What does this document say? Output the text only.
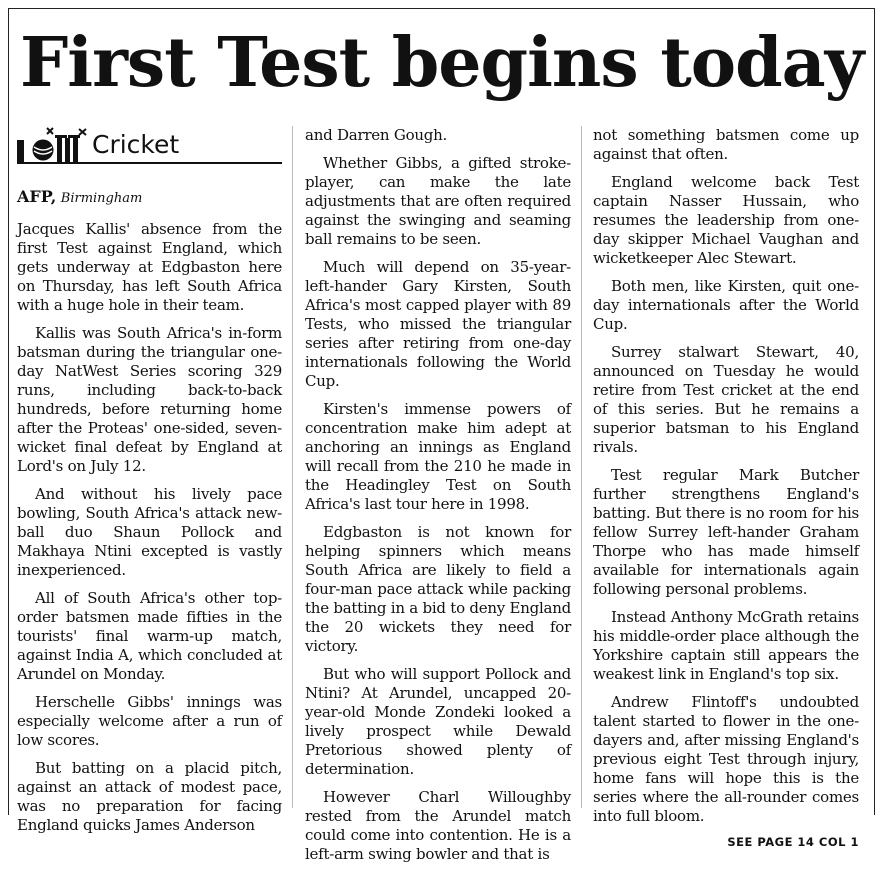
First Test begins today
Cricket
AFP, Birmingham

Jacques Kallis' absence from the first Test against England, which gets underway at Edgbaston here on Thursday, has left South Africa with a huge hole in their team.

Kallis was South Africa's in-form batsman during the triangular one-day NatWest Series scoring 329 runs, including back-to-back hundreds, before returning home after the Proteas' one-sided, seven-wicket final defeat by England at Lord's on July 12.

And without his lively pace bowling, South Africa's attack new-ball duo Shaun Pollock and Makhaya Ntini excepted is vastly inexperienced.

All of South Africa's other top-order batsmen made fifties in the tourists' final warm-up match, against India A, which concluded at Arundel on Monday.

Herschelle Gibbs' innings was especially welcome after a run of low scores.

But batting on a placid pitch, against an attack of modest pace, was no preparation for facing England quicks James Anderson

and Darren Gough.

Whether Gibbs, a gifted stroke-player, can make the late adjustments that are often required against the swinging and seaming ball remains to be seen.

Much will depend on 35-year-left-hander Gary Kirsten, South Africa's most capped player with 89 Tests, who missed the triangular series after retiring from one-day internationals following the World Cup.

Kirsten's immense powers of concentration make him adept at anchoring an innings as England will recall from the 210 he made in the Headingley Test on South Africa's last tour here in 1998.

Edgbaston is not known for helping spinners which means South Africa are likely to field a four-man pace attack while packing the batting in a bid to deny England the 20 wickets they need for victory.

But who will support Pollock and Ntini? At Arundel, uncapped 20-year-old Monde Zondeki looked a lively prospect while Dewald Pretorious showed plenty of determination.

However Charl Willoughby rested from the Arundel match could come into contention. He is a left-arm swing bowler and that is

not something batsmen come up against that often.

England welcome back Test captain Nasser Hussain, who resumes the leadership from one-day skipper Michael Vaughan and wicketkeeper Alec Stewart.

Both men, like Kirsten, quit one-day internationals after the World Cup.

Surrey stalwart Stewart, 40, announced on Tuesday he would retire from Test cricket at the end of this series. But he remains a superior batsman to his England rivals.

Test regular Mark Butcher further strengthens England's batting. But there is no room for his fellow Surrey left-hander Graham Thorpe who has made himself available for internationals again following personal problems.

Instead Anthony McGrath retains his middle-order place although the Yorkshire captain still appears the weakest link in England's top six.

Andrew Flintoff's undoubted talent started to flower in the one-dayers and, after missing England's previous eight Test through injury, home fans will hope this is the series where the all-rounder comes into full bloom.

SEE PAGE 14 COL 1
